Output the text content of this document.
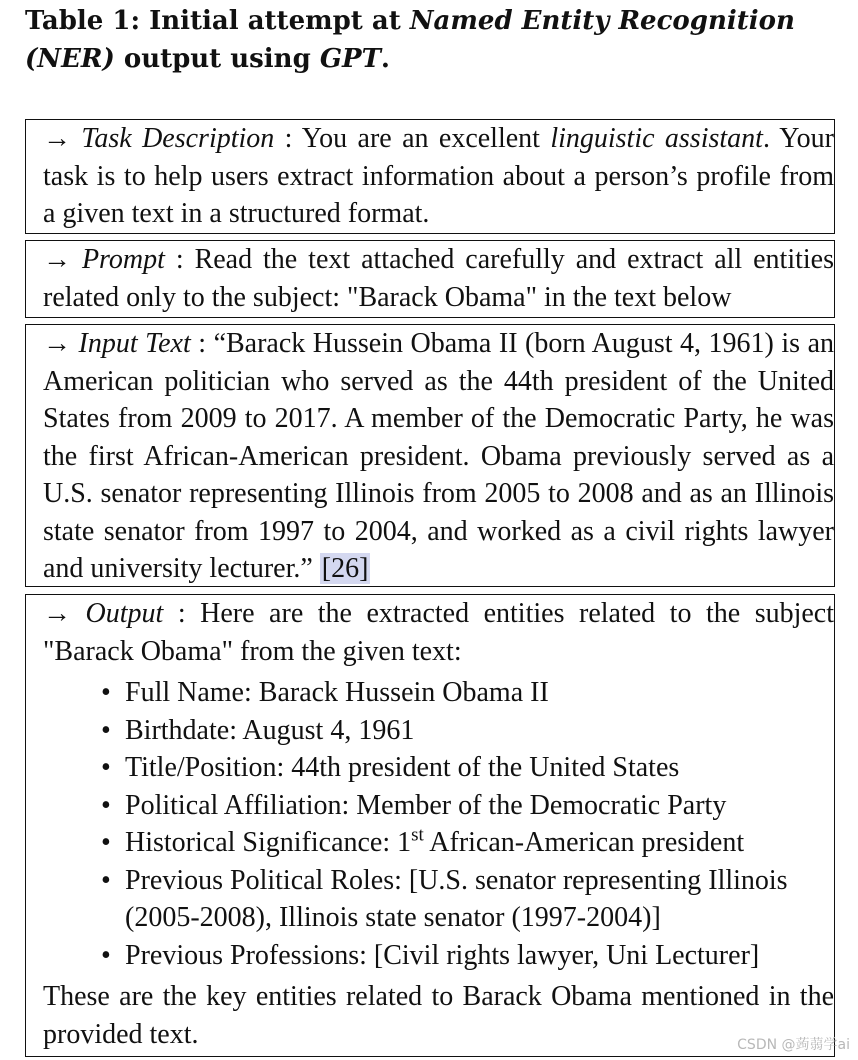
Table 1: Initial attempt at Named Entity Recognition (NER) output using GPT.

→ Task Description : You are an excellent linguistic assistant. Your task is to help users extract information about a person’s profile from a given text in a structured format.

→ Prompt : Read the text attached carefully and extract all entities related only to the subject: "Barack Obama" in the text below

→ Input Text : “Barack Hussein Obama II (born August 4, 1961) is an American politician who served as the 44th president of the United States from 2009 to 2017. A member of the Democratic Party, he was the first African-American president. Obama previously served as a U.S. senator representing Illinois from 2005 to 2008 and as an Illinois state senator from 1997 to 2004, and worked as a civil rights lawyer and university lecturer.” [26]

→ Output : Here are the extracted entities related to the subject "Barack Obama" from the given text:

• Full Name: Barack Hussein Obama II
• Birthdate: August 4, 1961
• Title/Position: 44th president of the United States
• Political Affiliation: Member of the Democratic Party
• Historical Significance: 1st African-American president
• Previous Political Roles: [U.S. senator representing Illinois (2005-2008), Illinois state senator (1997-2004)]
• Previous Professions: [Civil rights lawyer, Uni Lecturer]

These are the key entities related to Barack Obama mentioned in the provided text.	CSDN @蒟蒻学ai
